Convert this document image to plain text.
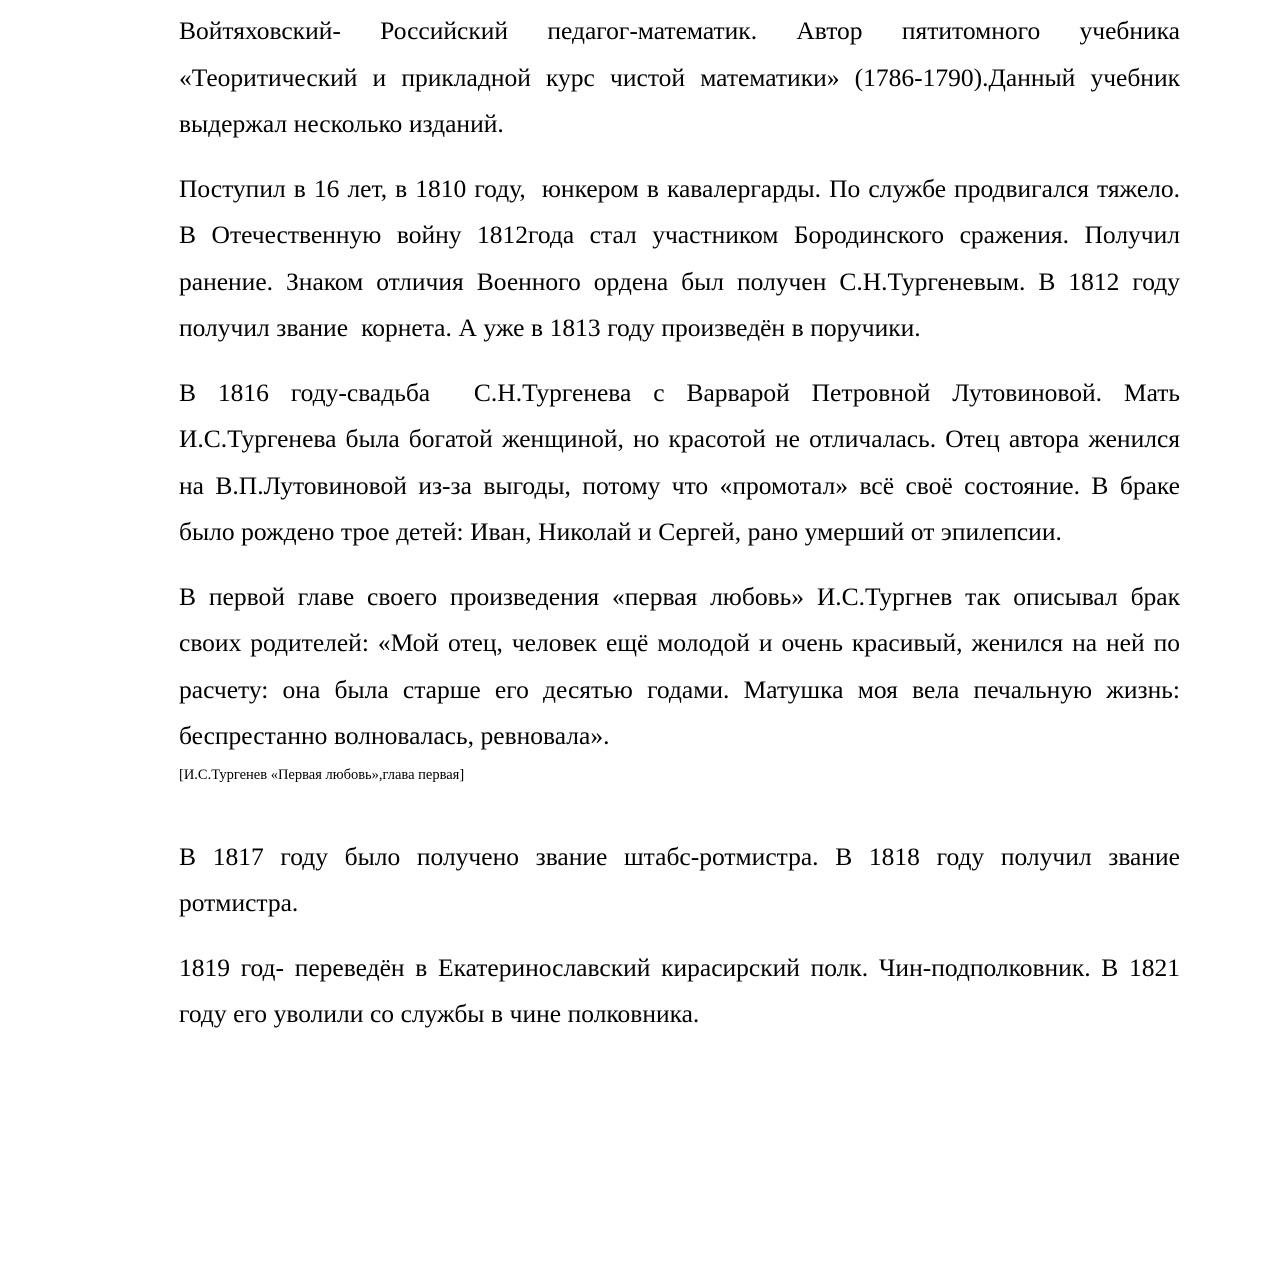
Войтяховский- Российский педагог-математик. Автор пятитомного учебника «Теоритический и прикладной курс чистой математики» (1786-1790).Данный учебник выдержал несколько изданий.

Поступил в 16 лет, в 1810 году,  юнкером в кавалергарды. По службе продвигался тяжело. В Отечественную войну 1812года стал участником Бородинского сражения. Получил ранение. Знаком отличия Военного ордена был получен С.Н.Тургеневым. В 1812 году получил звание  корнета. А уже в 1813 году произведён в поручики.

В 1816 году-свадьба  С.Н.Тургенева с Варварой Петровной Лутовиновой. Мать И.С.Тургенева была богатой женщиной, но красотой не отличалась. Отец автора женился на В.П.Лутовиновой из-за выгоды, потому что «промотал» всё своё состояние. В браке было рождено трое детей: Иван, Николай и Сергей, рано умерший от эпилепсии.

В первой главе своего произведения «первая любовь» И.С.Тургнев так описывал брак своих родителей: «Мой отец, человек ещё молодой и очень красивый, женился на ней по расчету: она была старше его десятью годами. Матушка моя вела печальную жизнь: беспрестанно волновалась, ревновала».

[И.С.Тургенев «Первая любовь»,глава первая]

В 1817 году было получено звание штабс-ротмистра. В 1818 году получил звание ротмистра.

1819 год- переведён в Екатеринославский кирасирский полк. Чин-подполковник. В 1821 году его уволили со службы в чине полковника.
